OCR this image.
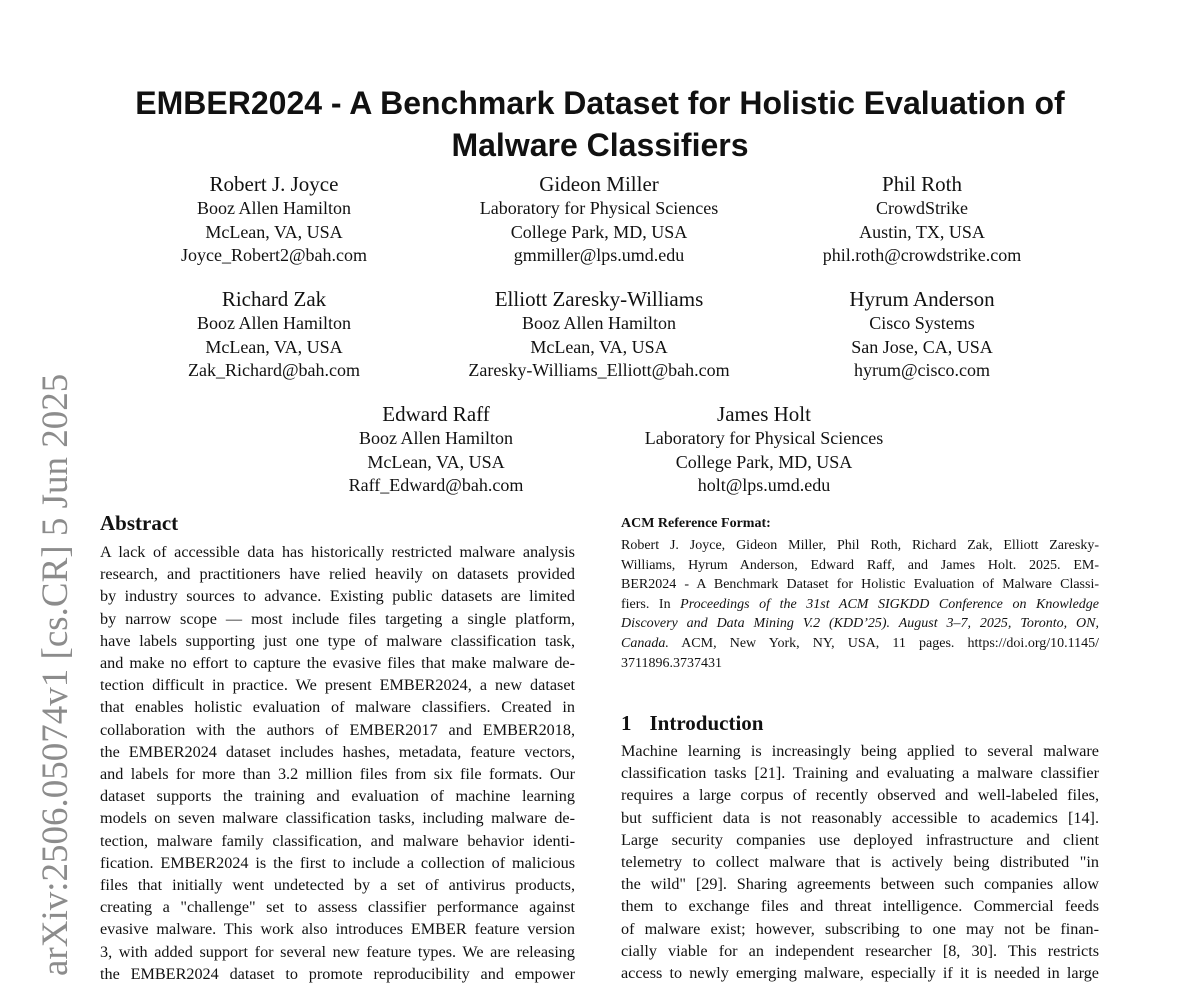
arXiv:2506.05074v1 [cs.CR] 5 Jun 2025
EMBER2024 - A Benchmark Dataset for Holistic Evaluation of
Malware Classifiers
Robert J. Joyce
Booz Allen Hamilton
McLean, VA, USA
Joyce_Robert2@bah.com
Gideon Miller
Laboratory for Physical Sciences
College Park, MD, USA
gmmiller@lps.umd.edu
Phil Roth
CrowdStrike
Austin, TX, USA
phil.roth@crowdstrike.com
Richard Zak
Booz Allen Hamilton
McLean, VA, USA
Zak_Richard@bah.com
Elliott Zaresky-Williams
Booz Allen Hamilton
McLean, VA, USA
Zaresky-Williams_Elliott@bah.com
Hyrum Anderson
Cisco Systems
San Jose, CA, USA
hyrum@cisco.com
Edward Raff
Booz Allen Hamilton
McLean, VA, USA
Raff_Edward@bah.com
James Holt
Laboratory for Physical Sciences
College Park, MD, USA
holt@lps.umd.edu
Abstract
A lack of accessible data has historically restricted malware analysis
research, and practitioners have relied heavily on datasets provided
by industry sources to advance. Existing public datasets are limited
by narrow scope — most include files targeting a single platform,
have labels supporting just one type of malware classification task,
and make no effort to capture the evasive files that make malware de-
tection difficult in practice. We present EMBER2024, a new dataset
that enables holistic evaluation of malware classifiers. Created in
collaboration with the authors of EMBER2017 and EMBER2018,
the EMBER2024 dataset includes hashes, metadata, feature vectors,
and labels for more than 3.2 million files from six file formats. Our
dataset supports the training and evaluation of machine learning
models on seven malware classification tasks, including malware de-
tection, malware family classification, and malware behavior identi-
fication. EMBER2024 is the first to include a collection of malicious
files that initially went undetected by a set of antivirus products,
creating a "challenge" set to assess classifier performance against
evasive malware. This work also introduces EMBER feature version
3, with added support for several new feature types. We are releasing
the EMBER2024 dataset to promote reproducibility and empower
ACM Reference Format:
Robert J. Joyce, Gideon Miller, Phil Roth, Richard Zak, Elliott Zaresky-
Williams, Hyrum Anderson, Edward Raff, and James Holt. 2025. EM-
BER2024 - A Benchmark Dataset for Holistic Evaluation of Malware Classi-
fiers. In Proceedings of the 31st ACM SIGKDD Conference on Knowledge
Discovery and Data Mining V.2 (KDD’25). August 3–7, 2025, Toronto, ON,
Canada. ACM, New York, NY, USA, 11 pages. https://doi.org/10.1145/
3711896.3737431
1 Introduction
Machine learning is increasingly being applied to several malware
classification tasks [21]. Training and evaluating a malware classifier
requires a large corpus of recently observed and well-labeled files,
but sufficient data is not reasonably accessible to academics [14].
Large security companies use deployed infrastructure and client
telemetry to collect malware that is actively being distributed "in
the wild" [29]. Sharing agreements between such companies allow
them to exchange files and threat intelligence. Commercial feeds
of malware exist; however, subscribing to one may not be finan-
cially viable for an independent researcher [8, 30]. This restricts
access to newly emerging malware, especially if it is needed in large
